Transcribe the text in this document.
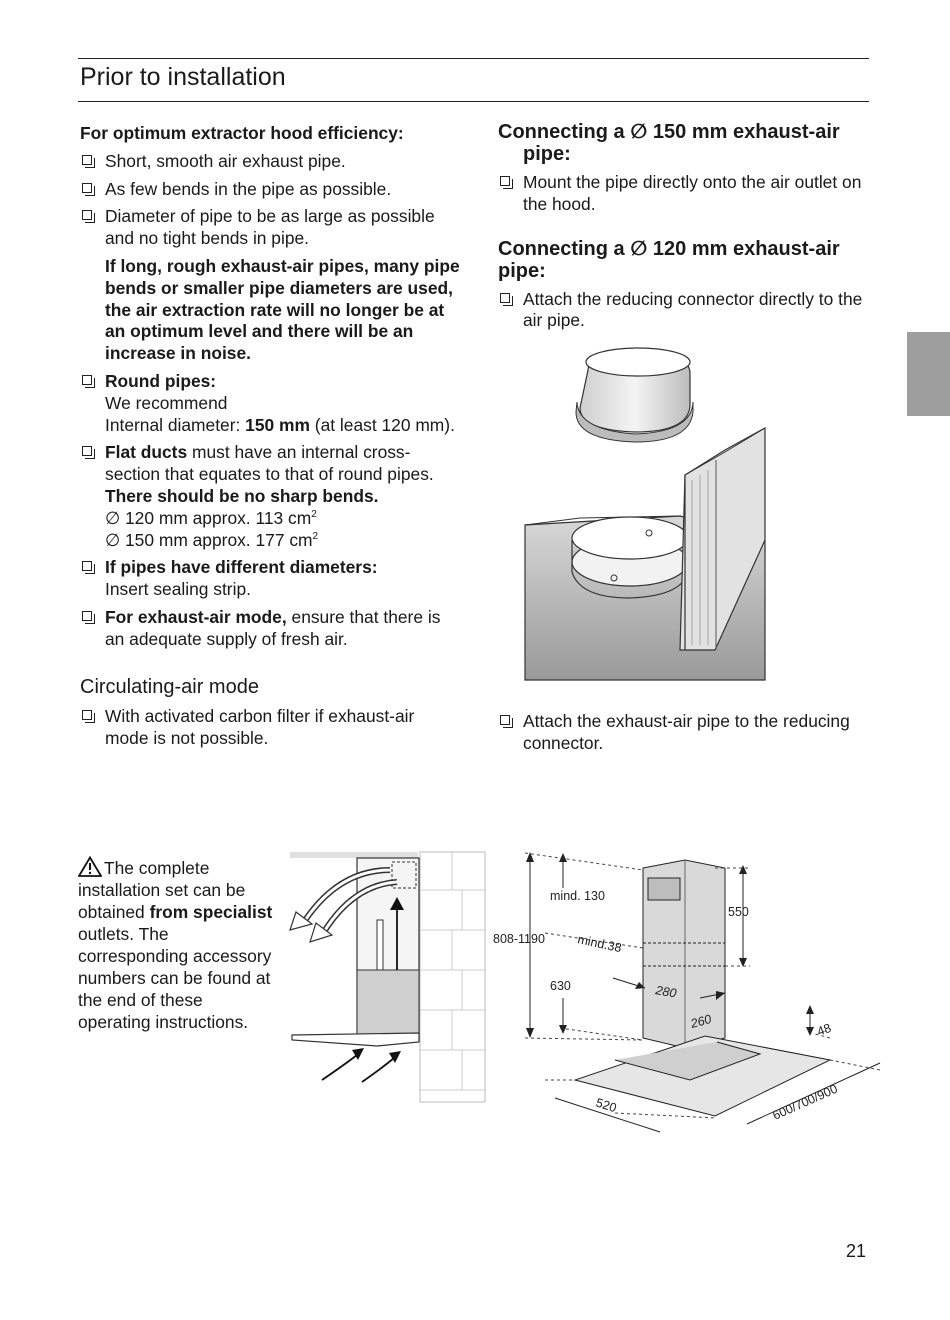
Prior to installation
For optimum extractor hood efficiency:
Short, smooth air exhaust pipe.
As few bends in the pipe as possible.
Diameter of pipe to be as large as possible and no tight bends in pipe.
If long, rough exhaust-air pipes, many pipe bends or smaller pipe diameters are used, the air extraction rate will no longer be at an optimum level and there will be an increase in noise.
Round pipes:
We recommend
Internal diameter: 150 mm (at least 120 mm).
Flat ducts must have an internal cross-section that equates to that of round pipes.
There should be no sharp bends.
∅ 120 mm approx. 113 $cm^2$
∅ 150 mm approx. 177 $cm^2$
If pipes have different diameters:
Insert sealing strip.
For exhaust-air mode, ensure that there is an adequate supply of fresh air.
Circulating-air mode
With activated carbon filter if exhaust-air mode is not possible.
Connecting a ∅ 150 mm exhaust-air
pipe:
Mount the pipe directly onto the air outlet on the hood.
Connecting a ∅ 120 mm exhaust-air pipe:
Attach the reducing connector directly to the air pipe.
Attach the exhaust-air pipe to the reducing connector.
The complete installation set can be obtained from specialist outlets. The corresponding accessory numbers can be found at the end of these operating instructions.
mind. 130
808-1190
550
630
mind.38
280
260	48
520	600/700/900
21
